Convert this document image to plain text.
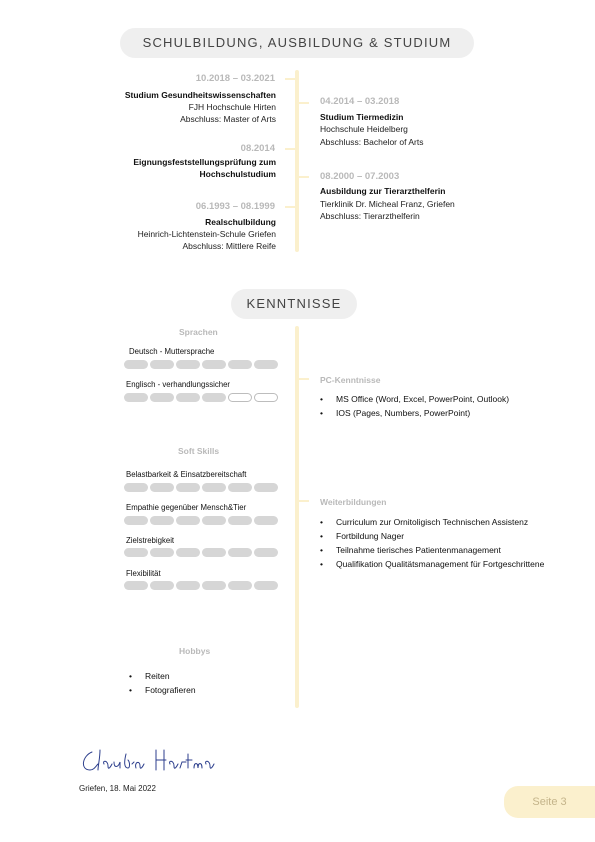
SCHULBILDUNG, AUSBILDUNG & STUDIUM
10.2018 – 03.2021
Studium Gesundheitswissenschaften
FJH Hochschule Hirten
Abschluss: Master of Arts
08.2014
Eignungsfeststellungsprüfung zum
Hochschulstudium
06.1993 – 08.1999
Realschulbildung
Heinrich-Lichtenstein-Schule Griefen
Abschluss: Mittlere Reife
04.2014 – 03.2018
Studium Tiermedizin
Hochschule Heidelberg
Abschluss: Bachelor of Arts
08.2000 – 07.2003
Ausbildung zur Tierarzthelferin
Tierklinik Dr. Micheal Franz, Griefen
Abschluss: Tierarzthelferin
KENNTNISSE
Sprachen
Deutsch - Muttersprache
Englisch - verhandlungssicher
Soft Skills
Belastbarkeit & Einsatzbereitschaft
Empathie gegenüber Mensch&Tier
Zielstrebigkeit
Flexibilität
Hobbys
• Reiten
• Fotografieren
PC-Kenntnisse
• MS Office (Word, Excel, PowerPoint, Outlook)
• IOS (Pages, Numbers, PowerPoint)
Weiterbildungen
• Curriculum zur Ornitoligisch Technischen Assistenz
• Fortbildung Nager
• Teilnahme tierisches Patientenmanagement
• Qualifikation Qualitätsmanagement für Fortgeschrittene
Griefen, 18. Mai 2022
Seite 3
